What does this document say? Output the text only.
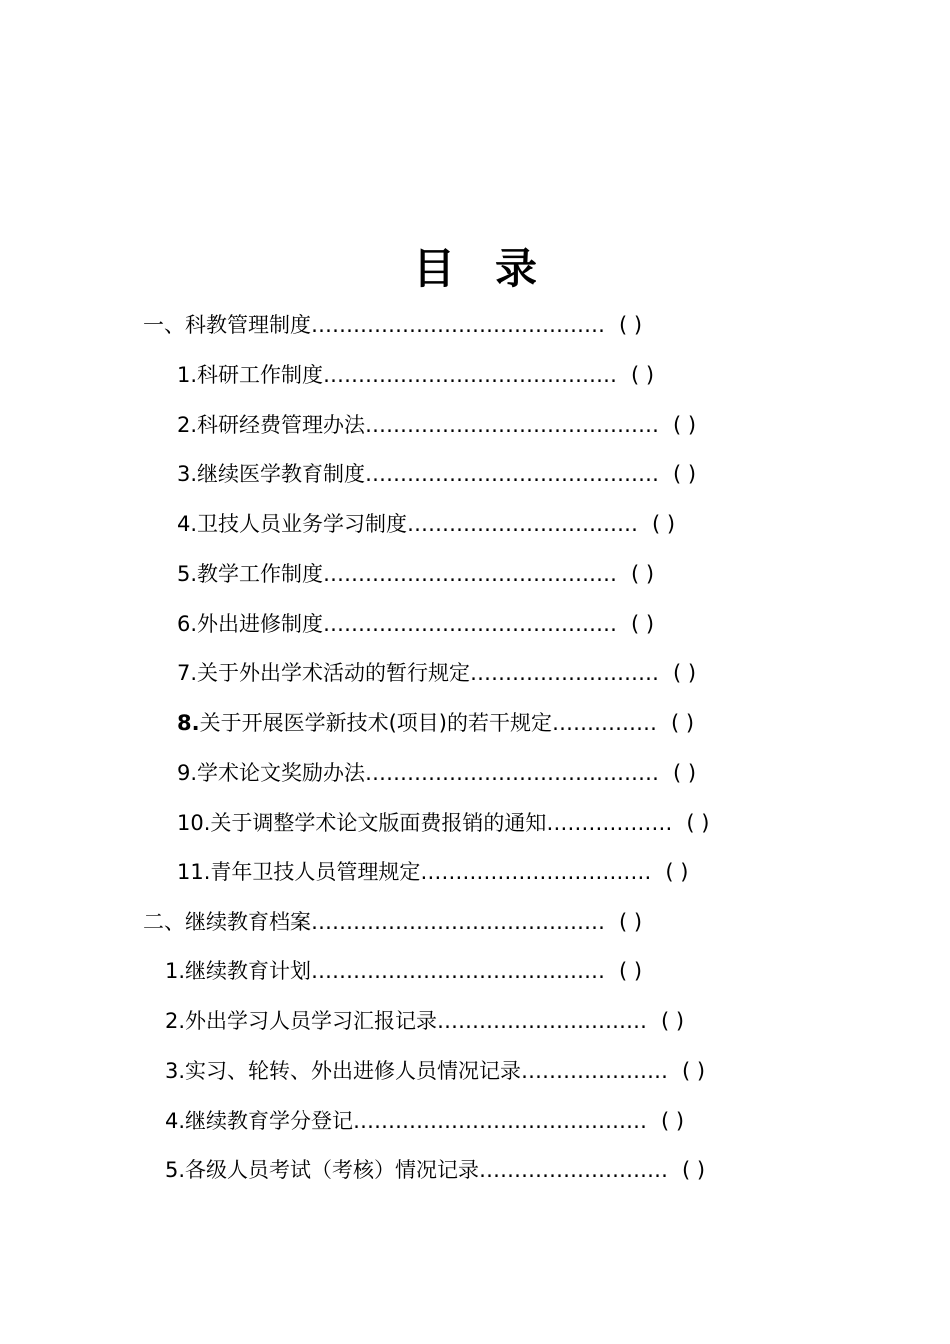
目录
一、科教管理制度…………………………………… ( )
1.科研工作制度…………………………………… ( )
2.科研经费管理办法…………………………………… ( )
3.继续医学教育制度…………………………………… ( )
4.卫技人员业务学习制度…………………………… ( )
5.教学工作制度…………………………………… ( )
6.外出进修制度…………………………………… ( )
7.关于外出学术活动的暂行规定……………………… ( )
8.关于开展医学新技术(项目)的若干规定…………… ( )
9.学术论文奖励办法…………………………………… ( )
10.关于调整学术论文版面费报销的通知……………… ( )
11.青年卫技人员管理规定…………………………… ( )
二、继续教育档案…………………………………… ( )
1.继续教育计划…………………………………… ( )
2.外出学习人员学习汇报记录………………………… ( )
3.实习、轮转、外出进修人员情况记录………………… ( )
4.继续教育学分登记…………………………………… ( )
5.各级人员考试（考核）情况记录……………………… ( )
